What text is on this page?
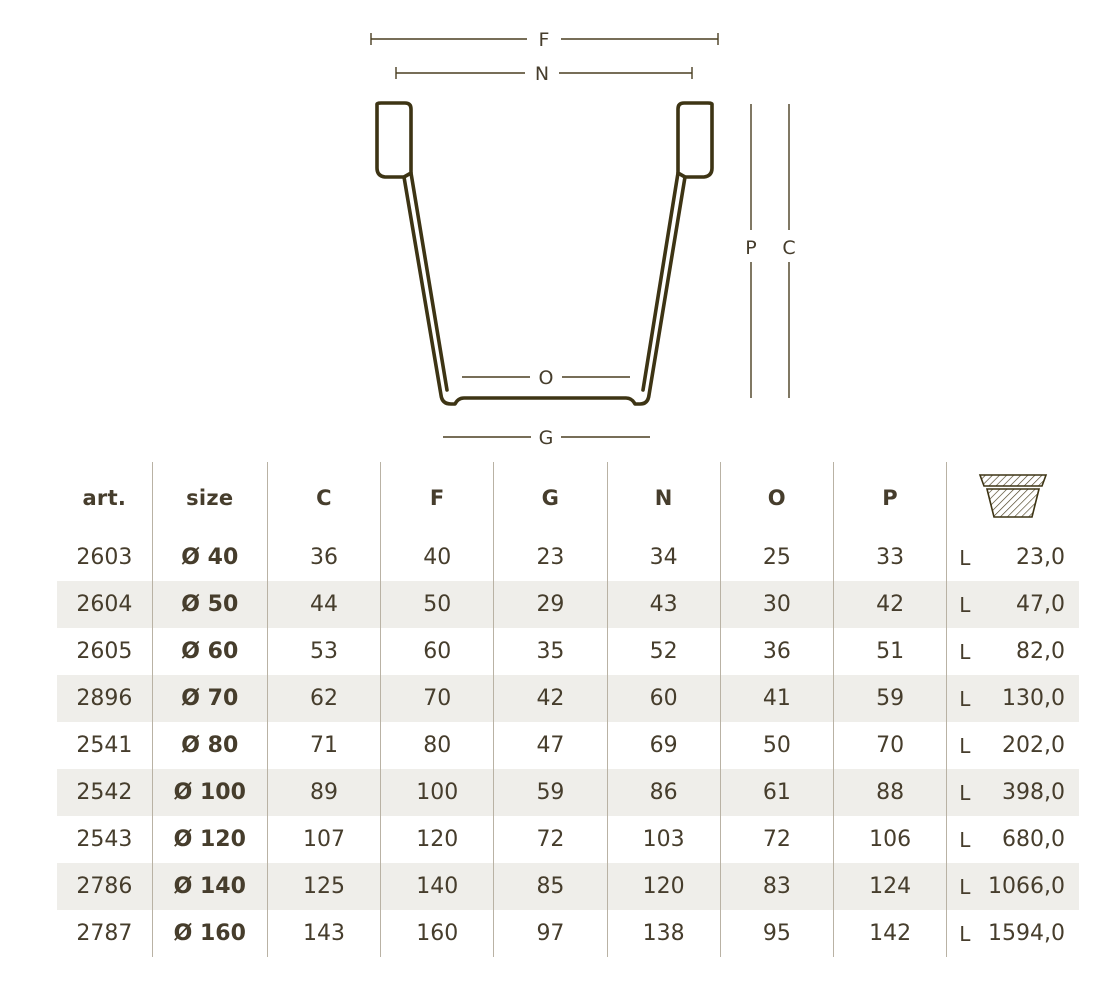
F
N
O
G
P C
art.	size	C	F	G	N	O	P	
2603	Ø 40	36	40	23	34	25	33	L 23,0

2604	Ø 50	44	50	29	43	30	42	L 47,0

2605	Ø 60	53	60	35	52	36	51	L 82,0

2896	Ø 70	62	70	42	60	41	59	L 130,0

2541	Ø 80	71	80	47	69	50	70	L 202,0

2542	Ø 100	89	100	59	86	61	88	L 398,0

2543	Ø 120	107	120	72	103	72	106	L 680,0

2786	Ø 140	125	140	85	120	83	124	L 1066,0

2787	Ø 160	143	160	97	138	95	142	L 1594,0
